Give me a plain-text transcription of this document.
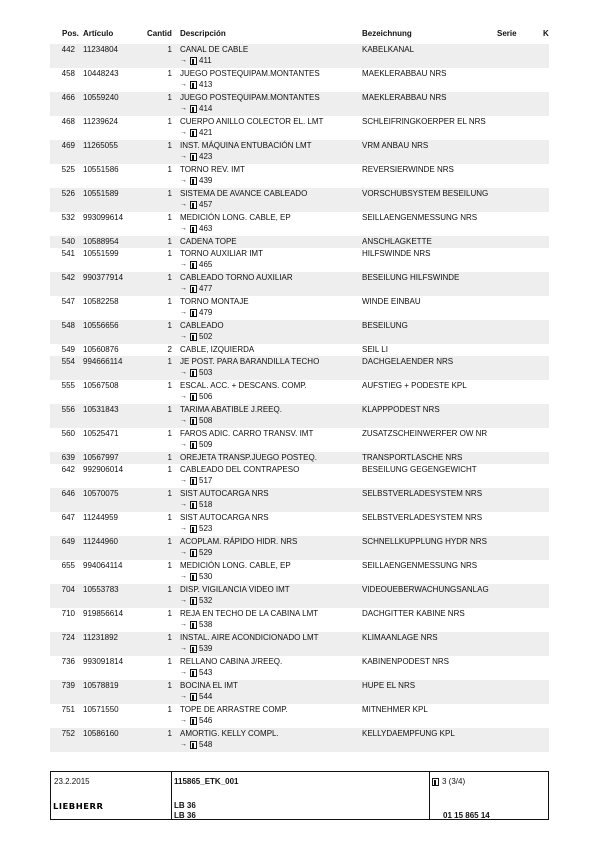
Pos. Artículo	Cantid Descripción	Bezeichnung	Serie	K
442 11234804	1 CANAL DE CABLE	KABELKANAL
→ 411
458 10448243	1 JUEGO POSTEQUIPAM.MONTANTES	MAEKLERABBAU NRS
→ 413
466 10559240	1 JUEGO POSTEQUIPAM.MONTANTES	MAEKLERABBAU NRS
→ 414
468 11239624	1 CUERPO ANILLO COLECTOR EL. LMT	SCHLEIFRINGKOERPER EL NRS
→ 421
469 11265055	1 INST. MÁQUINA ENTUBACIÓN LMT	VRM ANBAU NRS
→ 423
525 10551586	1 TORNO REV. IMT	REVERSIERWINDE NRS
→ 439
526 10551589	1 SISTEMA DE AVANCE CABLEADO	VORSCHUBSYSTEM BESEILUNG
→ 457
532 993099614	1 MEDICIÓN LONG. CABLE, EP	SEILLAENGENMESSUNG NRS
→ 463
540 10588954	1 CADENA TOPE	ANSCHLAGKETTE
541 10551599	1 TORNO AUXILIAR IMT	HILFSWINDE NRS
→ 465
542 990377914	1 CABLEADO TORNO AUXILIAR	BESEILUNG HILFSWINDE
→ 477
547 10582258	1 TORNO MONTAJE	WINDE EINBAU
→ 479
548 10556656	1 CABLEADO	BESEILUNG
→ 502
549 10560876	2 CABLE, IZQUIERDA	SEIL LI
554 994666114	1 JE POST. PARA BARANDILLA TECHO	DACHGELAENDER NRS
→ 503
555 10567508	1 ESCAL. ACC. + DESCANS. COMP.	AUFSTIEG + PODESTE KPL
→ 506
556 10531843	1 TARIMA ABATIBLE J.REEQ.	KLAPPPODEST NRS
→ 508
560 10525471	1 FAROS ADIC. CARRO TRANSV. IMT	ZUSATZSCHEINWERFER OW NR
→ 509
639 10567997	1 OREJETA TRANSP.JUEGO POSTEQ.	TRANSPORTLASCHE NRS
642 992906014	1 CABLEADO DEL CONTRAPESO	BESEILUNG GEGENGEWICHT
→ 517
646 10570075	1 SIST AUTOCARGA NRS	SELBSTVERLADESYSTEM NRS
→ 518
647 11244959	1 SIST AUTOCARGA NRS	SELBSTVERLADESYSTEM NRS
→ 523
649 11244960	1 ACOPLAM. RÁPIDO HIDR. NRS	SCHNELLKUPPLUNG HYDR NRS
→ 529
655 994064114	1 MEDICIÓN LONG. CABLE, EP	SEILLAENGENMESSUNG NRS
→ 530
704 10553783	1 DISP. VIGILANCIA VIDEO IMT	VIDEOUEBERWACHUNGSANLAG
→ 532
710 919856614	1 REJA EN TECHO DE LA CABINA LMT	DACHGITTER KABINE NRS
→ 538
724 11231892	1 INSTAL. AIRE ACONDICIONADO LMT	KLIMAANLAGE NRS
→ 539
736 993091814	1 RELLANO CABINA J/REEQ.	KABINENPODEST NRS
→ 543
739 10578819	1 BOCINA EL IMT	HUPE EL NRS
→ 544
751 10571550	1 TOPE DE ARRASTRE COMP.	MITNEHMER KPL
→ 546
752 10586160	1 AMORTIG. KELLY COMPL.	KELLYDAEMPFUNG KPL
→ 548
23.2.2015	115865_ETK_001
LB 36
LB 36
3 (3/4)
01 15 865 14
LIEBHERR
